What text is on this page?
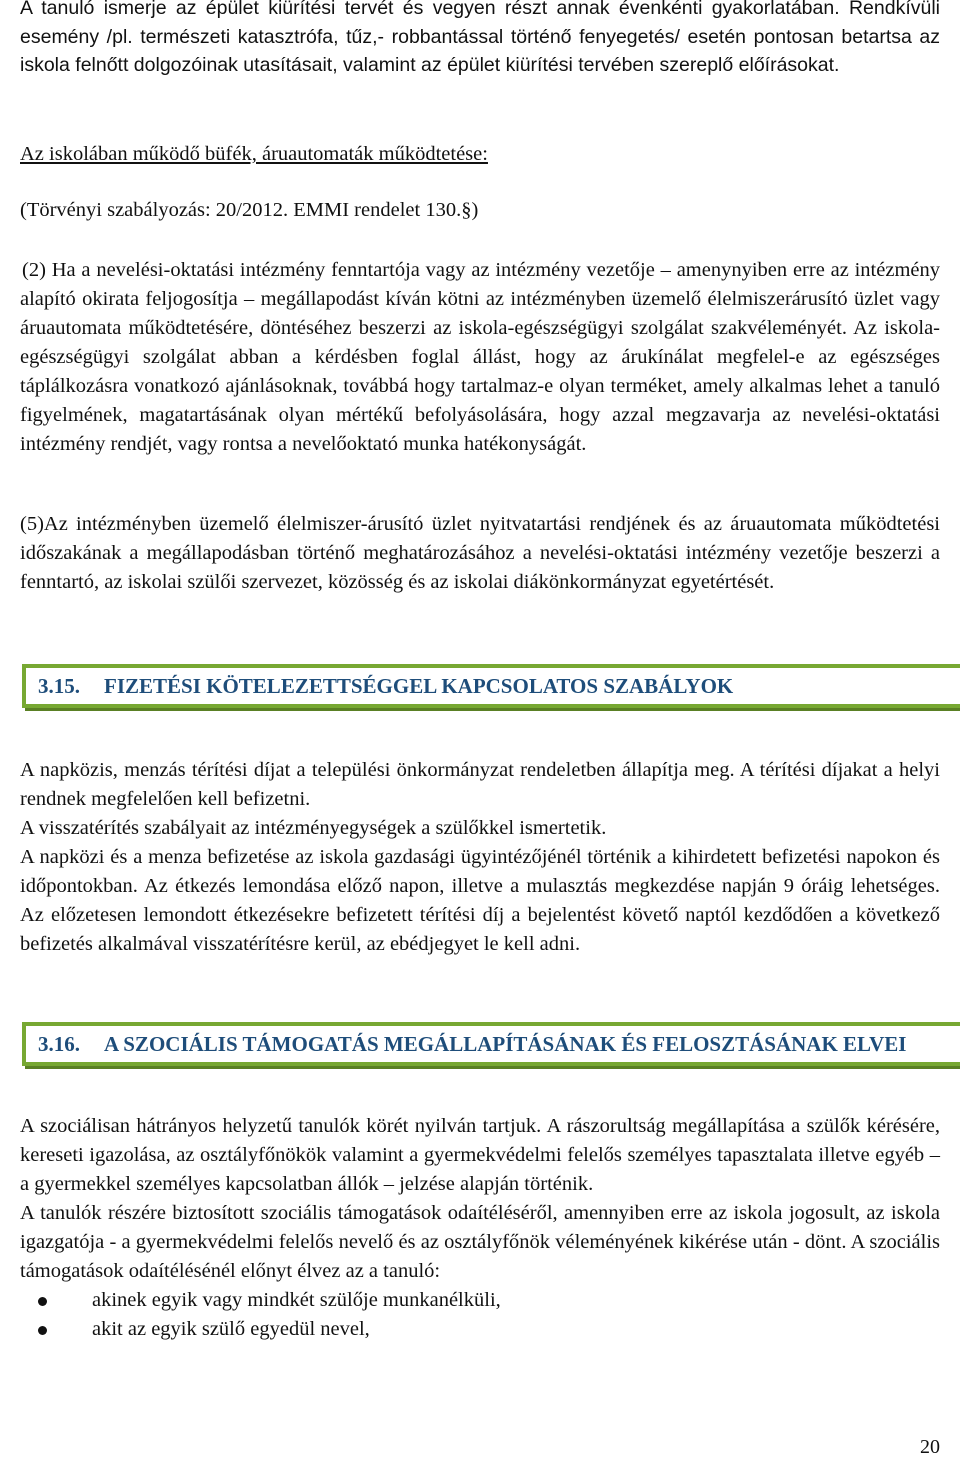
A tanuló ismerje az épület kiürítési tervét és vegyen részt annak évenkénti gyakorlatában. Rendkívüli esemény /pl. természeti katasztrófa, tűz,- robbantással történő fenyegetés/ esetén pontosan betartsa az iskola felnőtt dolgozóinak utasításait, valamint az épület kiürítési tervében szereplő előírásokat.

Az iskolában működő büfék, áruautomaták működtetése:

(Törvényi szabályozás: 20/2012. EMMI rendelet 130.§)

(2) Ha a nevelési-oktatási intézmény fenntartója vagy az intézmény vezetője – amenynyiben erre az intézmény alapító okirata feljogosítja – megállapodást kíván kötni az intézményben üzemelő élelmiszerárusító üzlet vagy áruautomata működtetésére, döntéséhez beszerzi az iskola-egészségügyi szolgálat szakvéleményét. Az iskola-egészségügyi szolgálat abban a kérdésben foglal állást, hogy az árukínálat megfelel-e az egészséges táplálkozásra vonatkozó ajánlásoknak, továbbá hogy tartalmaz-e olyan terméket, amely alkalmas lehet a tanuló figyelmének, magatartásának olyan mértékű befolyásolására, hogy azzal megzavarja az nevelési-oktatási intézmény rendjét, vagy rontsa a nevelőoktató munka hatékonyságát.

(5)Az intézményben üzemelő élelmiszer-árusító üzlet nyitvatartási rendjének és az áruautomata működtetési időszakának a megállapodásban történő meghatározásához a nevelési-oktatási intézmény vezetője beszerzi a fenntartó, az iskolai szülői szervezet, közösség és az iskolai diákönkormányzat egyetértését.

3.15. FIZETÉSI KÖTELEZETTSÉGGEL KAPCSOLATOS SZABÁLYOK

A napközis, menzás térítési díjat a települési önkormányzat rendeletben állapítja meg. A térítési díjakat a helyi rendnek megfelelően kell befizetni.

A visszatérítés szabályait az intézményegységek a szülőkkel ismertetik.

A napközi és a menza befizetése az iskola gazdasági ügyintézőjénél történik a kihirdetett befizetési napokon és időpontokban. Az étkezés lemondása előző napon, illetve a mulasztás megkezdése napján 9 óráig lehetséges. Az előzetesen lemondott étkezésekre befizetett térítési díj a bejelentést követő naptól kezdődően a következő befizetés alkalmával visszatérítésre kerül, az ebédjegyet le kell adni.

3.16. A SZOCIÁLIS TÁMOGATÁS MEGÁLLAPÍTÁSÁNAK ÉS FELOSZTÁSÁNAK ELVEI

A szociálisan hátrányos helyzetű tanulók körét nyilván tartjuk. A rászorultság megállapítása a szülők kérésére, kereseti igazolása, az osztályfőnökök valamint a gyermekvédelmi felelős személyes tapasztalata illetve egyéb – a gyermekkel személyes kapcsolatban állók – jelzése alapján történik.

A tanulók részére biztosított szociális támogatások odaítéléséről, amennyiben erre az iskola jogosult, az iskola igazgatója - a gyermekvédelmi felelős nevelő és az osztályfőnök véleményének kikérése után - dönt. A szociális támogatások odaítélésénél előnyt élvez az a tanuló:

akinek egyik vagy mindkét szülője munkanélküli,
akit az egyik szülő egyedül nevel,
20
